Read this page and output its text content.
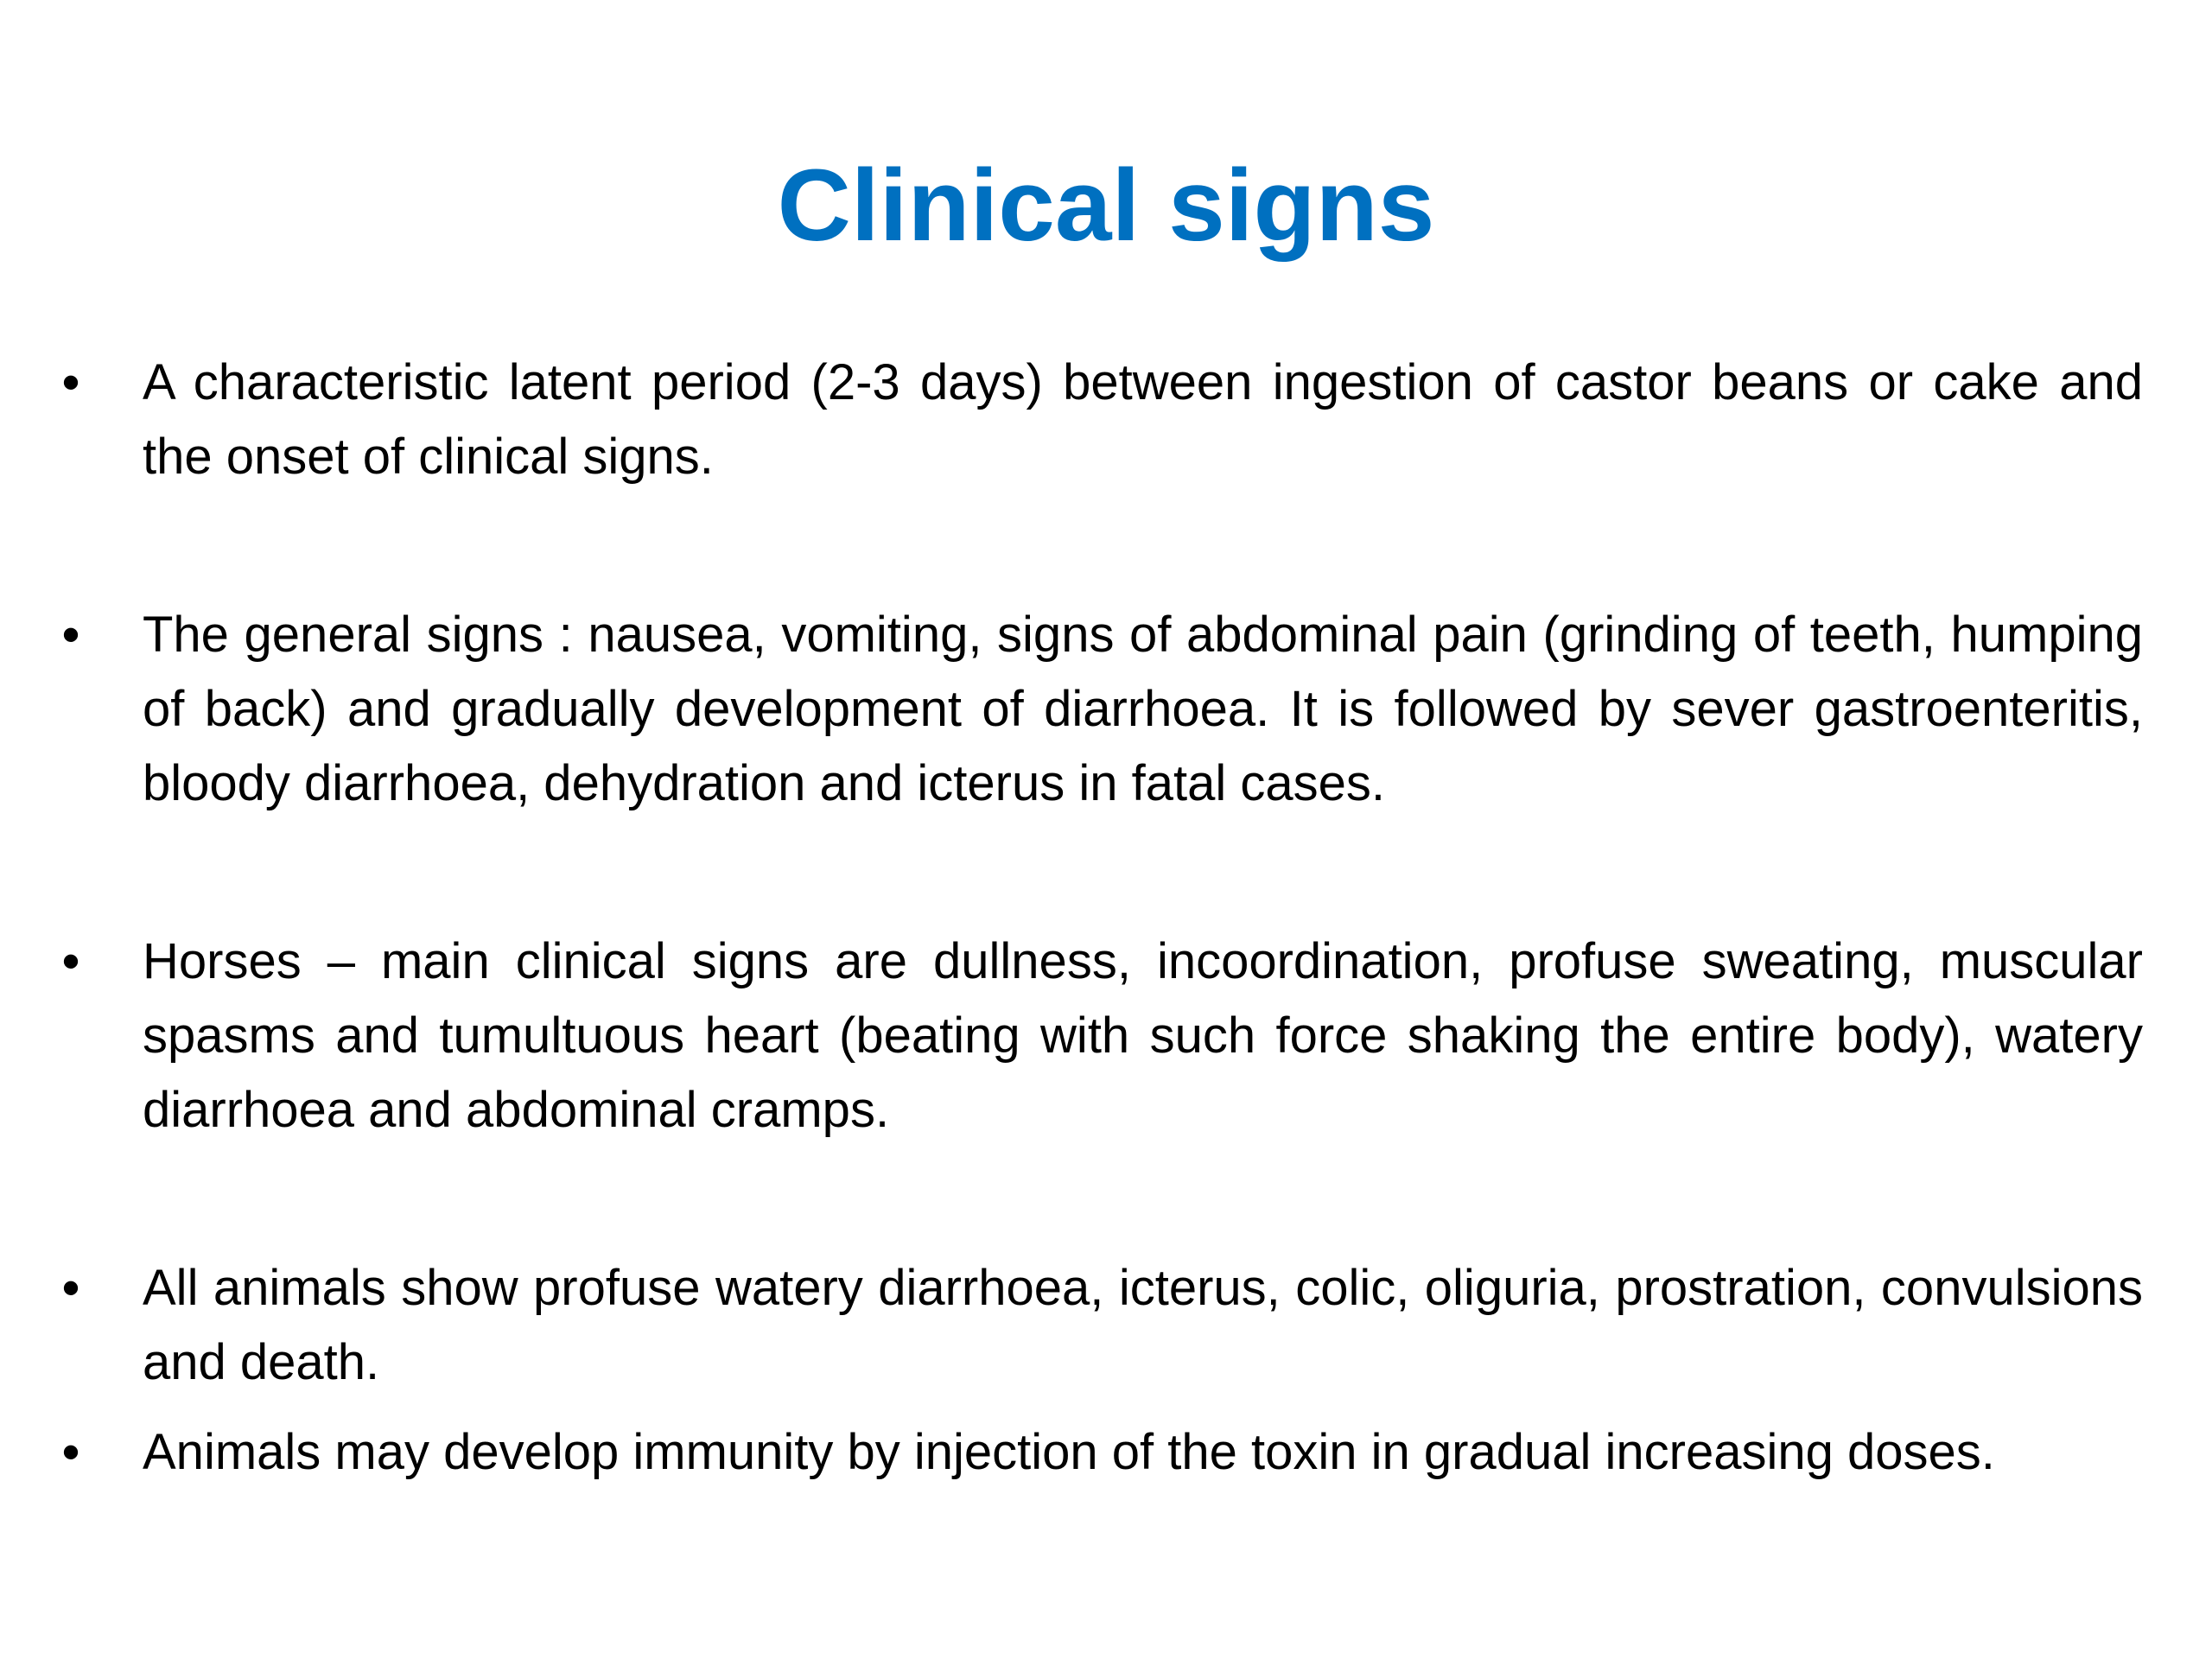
Clinical signs
• A characteristic latent period (2-3 days) between ingestion of castor beans or cake and the onset of clinical signs.

• The general signs : nausea, vomiting, signs of abdominal pain (grinding of teeth, humping of back) and gradually development of diarrhoea. It is followed by sever gastroenteritis, bloody diarrhoea, dehydration and icterus in fatal cases.

• Horses – main clinical signs are dullness, incoordination, profuse sweating, muscular spasms and tumultuous heart (beating with such force shaking the entire body), watery diarrhoea and abdominal cramps.

• All animals show profuse watery diarrhoea, icterus, colic, oliguria, prostration, convulsions and death.

• Animals may develop immunity by injection of the toxin in gradual increasing doses.
